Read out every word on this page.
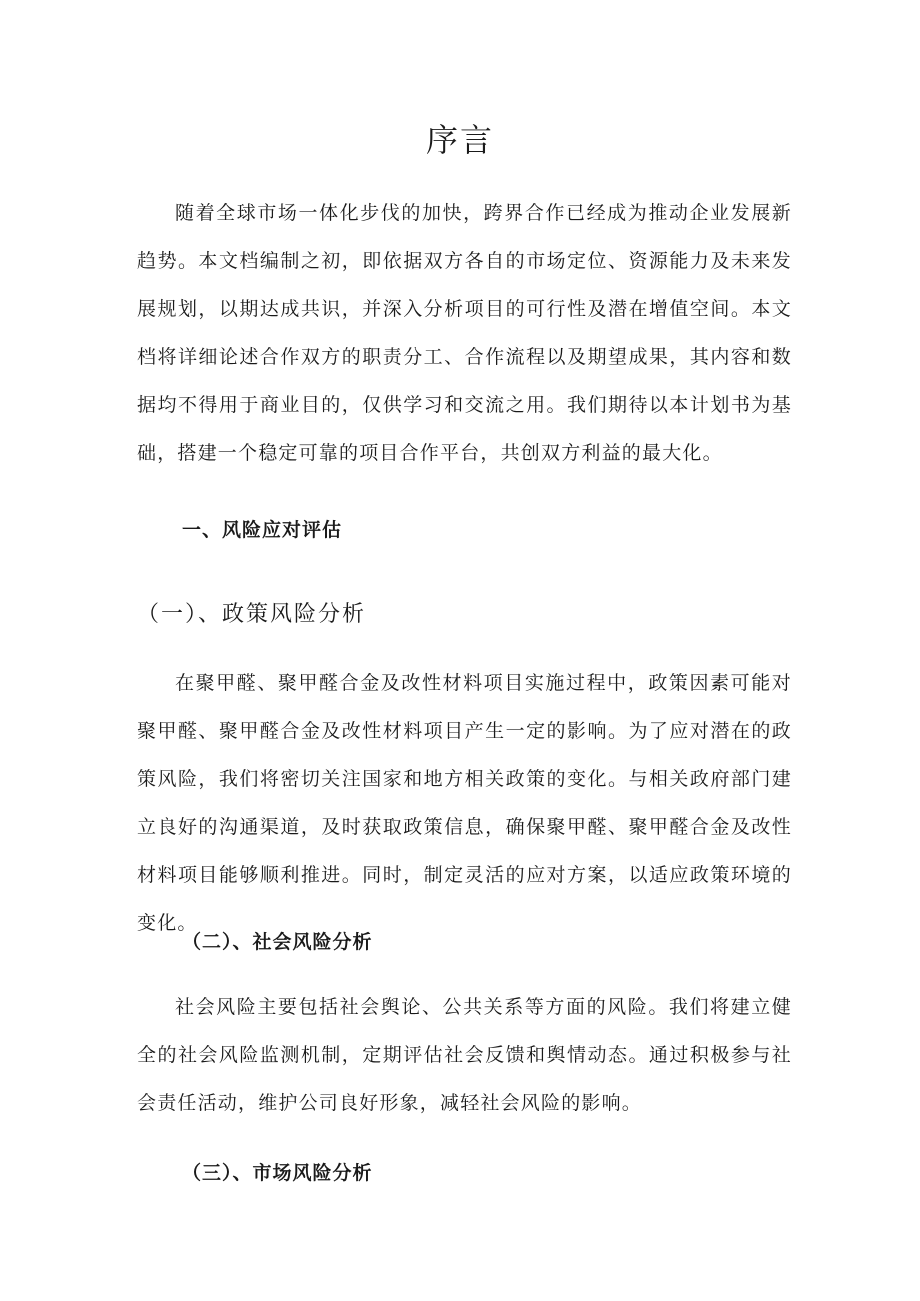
序言

随着全球市场一体化步伐的加快，跨界合作已经成为推动企业发展新趋势。本文档编制之初，即依据双方各自的市场定位、资源能力及未来发展规划，以期达成共识，并深入分析项目的可行性及潜在增值空间。本文档将详细论述合作双方的职责分工、合作流程以及期望成果，其内容和数据均不得用于商业目的，仅供学习和交流之用。我们期待以本计划书为基础，搭建一个稳定可靠的项目合作平台，共创双方利益的最大化。

一、风险应对评估
（一）、政策风险分析

在聚甲醛、聚甲醛合金及改性材料项目实施过程中，政策因素可能对聚甲醛、聚甲醛合金及改性材料项目产生一定的影响。为了应对潜在的政策风险，我们将密切关注国家和地方相关政策的变化。与相关政府部门建立良好的沟通渠道，及时获取政策信息，确保聚甲醛、聚甲醛合金及改性材料项目能够顺利推进。同时，制定灵活的应对方案，以适应政策环境的变化。

（二）、社会风险分析

社会风险主要包括社会舆论、公共关系等方面的风险。我们将建立健全的社会风险监测机制，定期评估社会反馈和舆情动态。通过积极参与社会责任活动，维护公司良好形象，减轻社会风险的影响。

（三）、市场风险分析
